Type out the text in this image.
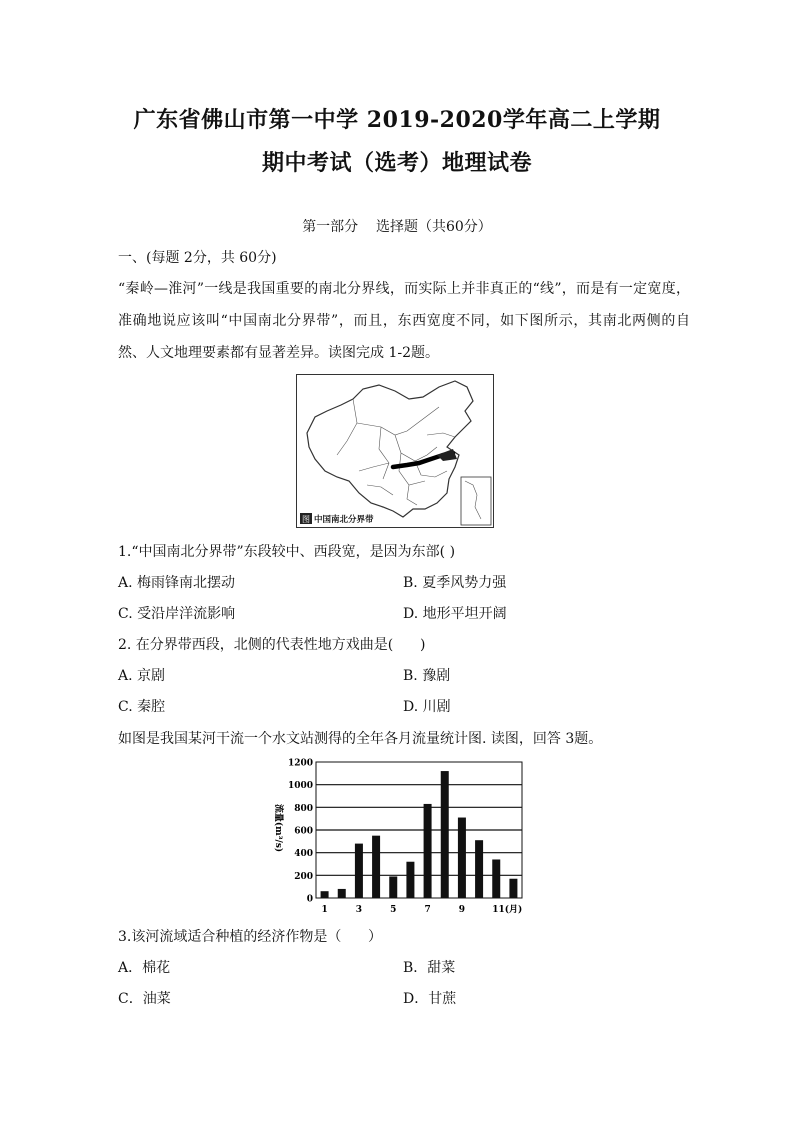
广东省佛山市第一中学 2019-2020学年高二上学期
期中考试（选考）地理试卷
第一部分    选择题（共60分）
一、(每题 2分，共 60分)
“秦岭—淮河”一线是我国重要的南北分界线，而实际上并非真正的“线”，而是有一定宽度，准确地说应该叫“中国南北分界带”，而且，东西宽度不同，如下图所示，其南北两侧的自然、人文地理要素都有显著差异。读图完成 1-2题。
图 中国南北分界带
1.“中国南北分界带”东段较中、西段宽，是因为东部( )
A. 梅雨锋南北摆动	B. 夏季风势力强
C. 受沿岸洋流影响	D. 地形平坦开阔
2. 在分界带西段，北侧的代表性地方戏曲是(      )
A. 京剧	B. 豫剧
C. 秦腔	D. 川剧
如图是我国某河干流一个水文站测得的全年各月流量统计图. 读图，回答 3题。
0
200
400
600
800
1000
1200
1	3	5	7	9	11(月)
流量(m³/s)
3.该河流域适合种植的经济作物是（      ）
A．棉花	B．甜菜
C．油菜	D．甘蔗
